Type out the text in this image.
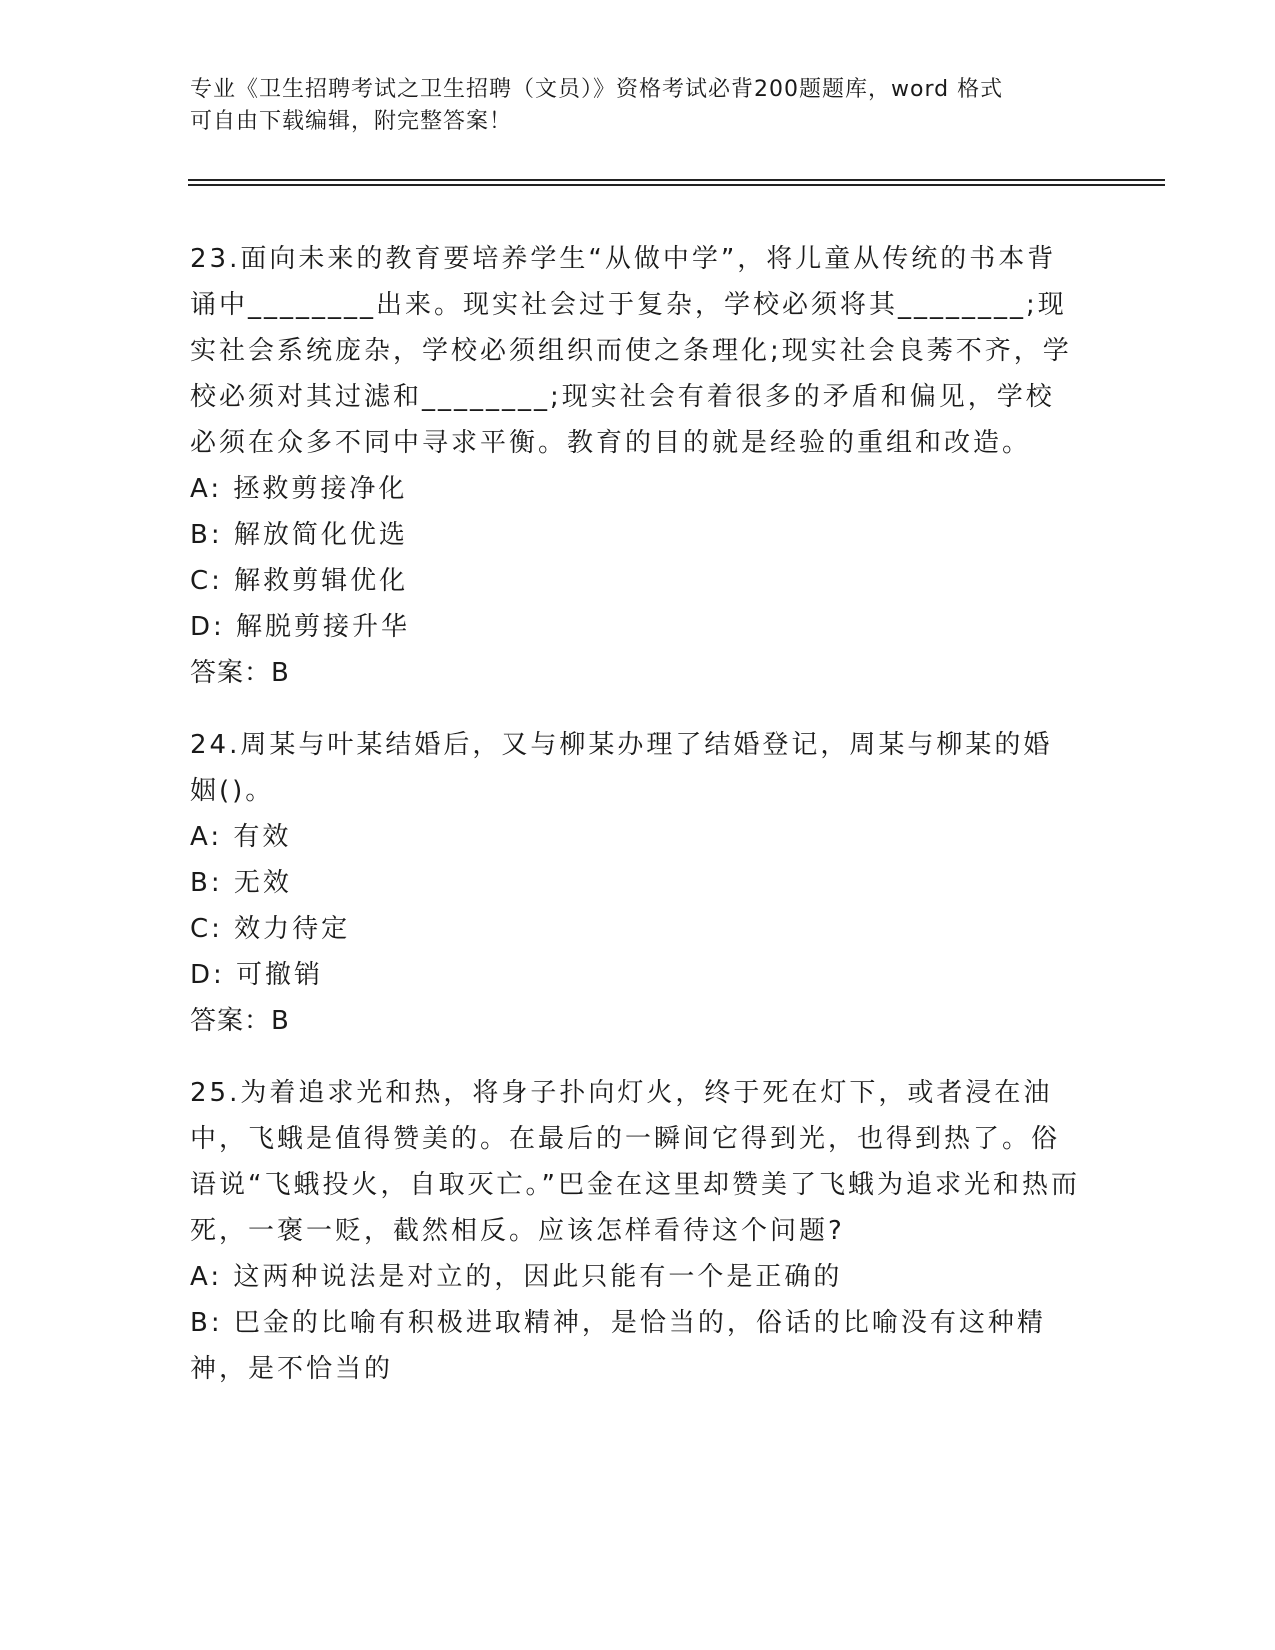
专业《卫生招聘考试之卫生招聘（文员）》资格考试必背200题题库，word 格式
可自由下载编辑，附完整答案！
23.面向未来的教育要培养学生“从做中学”，将儿童从传统的书本背诵中________出来。现实社会过于复杂，学校必须将其________;现实社会系统庞杂，学校必须组织而使之条理化;现实社会良莠不齐，学校必须对其过滤和________;现实社会有着很多的矛盾和偏见，学校必须在众多不同中寻求平衡。教育的目的就是经验的重组和改造。
A: 拯救剪接净化
B: 解放简化优选
C: 解救剪辑优化
D: 解脱剪接升华
答案：B
24.周某与叶某结婚后，又与柳某办理了结婚登记，周某与柳某的婚姻()。
A: 有效
B: 无效
C: 效力待定
D: 可撤销
答案：B
25.为着追求光和热，将身子扑向灯火，终于死在灯下，或者浸在油中，飞蛾是值得赞美的。在最后的一瞬间它得到光，也得到热了。俗语说“飞蛾投火，自取灭亡。”巴金在这里却赞美了飞蛾为追求光和热而死，一褒一贬，截然相反。应该怎样看待这个问题?
A: 这两种说法是对立的，因此只能有一个是正确的
B: 巴金的比喻有积极进取精神，是恰当的，俗话的比喻没有这种精神，是不恰当的
